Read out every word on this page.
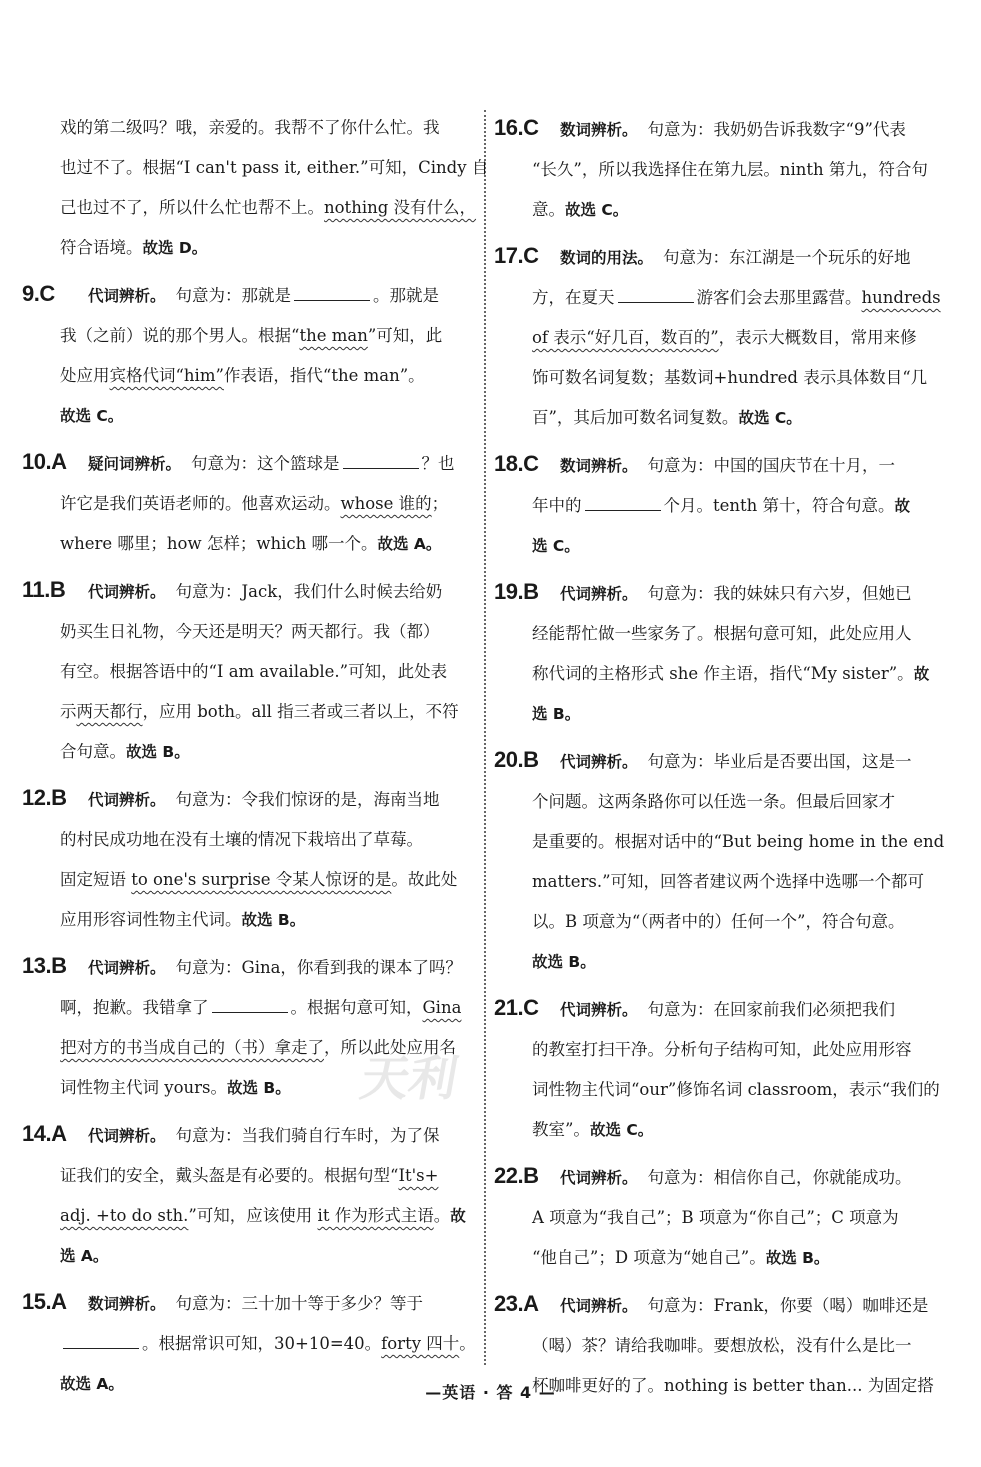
天利

戏的第二级吗？哦，亲爱的。我帮不了你什么忙。我

也过不了。根据“I can't pass it, either.”可知，Cindy 自

己也过不了，所以什么忙也帮不上。nothing 没有什么，

符合语境。故选 D。

9.C 代词辨析。 句意为：那就是	。那就是

我（之前）说的那个男人。根据“the man”可知，此

处应用宾格代词“him”作表语，指代“the man”。

故选 C。

10.A 疑问词辨析。 句意为：这个篮球是	？也

许它是我们英语老师的。他喜欢运动。whose 谁的；

where 哪里；how 怎样；which 哪一个。故选 A。

11.B 代词辨析。 句意为：Jack，我们什么时候去给奶

奶买生日礼物，今天还是明天？两天都行。我（都）

有空。根据答语中的“I am available.”可知，此处表

示两天都行，应用 both。all 指三者或三者以上，不符

合句意。故选 B。

12.B 代词辨析。 句意为：令我们惊讶的是，海南当地

的村民成功地在没有土壤的情况下栽培出了草莓。

固定短语 to one's surprise 令某人惊讶的是。故此处

应用形容词性物主代词。故选 B。

13.B 代词辨析。 句意为：Gina，你看到我的课本了吗？

啊，抱歉。我错拿了	。根据句意可知，Gina

把对方的书当成自己的（书）拿走了，所以此处应用名

词性物主代词 yours。故选 B。

14.A 代词辨析。 句意为：当我们骑自行车时，为了保

证我们的安全，戴头盔是有必要的。根据句型“It's+

adj. +to do sth.”可知，应该使用 it 作为形式主语。故

选 A。

15.A 数词辨析。 句意为：三十加十等于多少？等于

。根据常识可知，30+10=40。forty 四十。

故选 A。

16.C 数词辨析。 句意为：我奶奶告诉我数字“9”代表

“长久”，所以我选择住在第九层。ninth 第九，符合句

意。故选 C。

17.C 数词的用法。 句意为：东江湖是一个玩乐的好地

方，在夏天	游客们会去那里露营。hundreds

of 表示“好几百，数百的”，表示大概数目，常用来修

饰可数名词复数；基数词+hundred 表示具体数目“几

百”，其后加可数名词复数。故选 C。

18.C 数词辨析。 句意为：中国的国庆节在十月，一

年中的	个月。tenth 第十，符合句意。故

选 C。

19.B 代词辨析。 句意为：我的妹妹只有六岁，但她已

经能帮忙做一些家务了。根据句意可知，此处应用人

称代词的主格形式 she 作主语，指代“My sister”。故

选 B。

20.B 代词辨析。 句意为：毕业后是否要出国，这是一

个问题。这两条路你可以任选一条。但最后回家才

是重要的。根据对话中的“But being home in the end

matters.”可知，回答者建议两个选择中选哪一个都可

以。B 项意为“（两者中的）任何一个”，符合句意。

故选 B。

21.C 代词辨析。 句意为：在回家前我们必须把我们

的教室打扫干净。分析句子结构可知，此处应用形容

词性物主代词“our”修饰名词 classroom，表示“我们的

教室”。故选 C。

22.B 代词辨析。 句意为：相信你自己，你就能成功。

A 项意为“我自己”；B 项意为“你自己”；C 项意为

“他自己”；D 项意为“她自己”。故选 B。

23.A 代词辨析。 句意为：Frank，你要（喝）咖啡还是

（喝）茶？请给我咖啡。要想放松，没有什么是比一

杯咖啡更好的了。nothing is better than... 为固定搭

—英语 · 答 4 —
